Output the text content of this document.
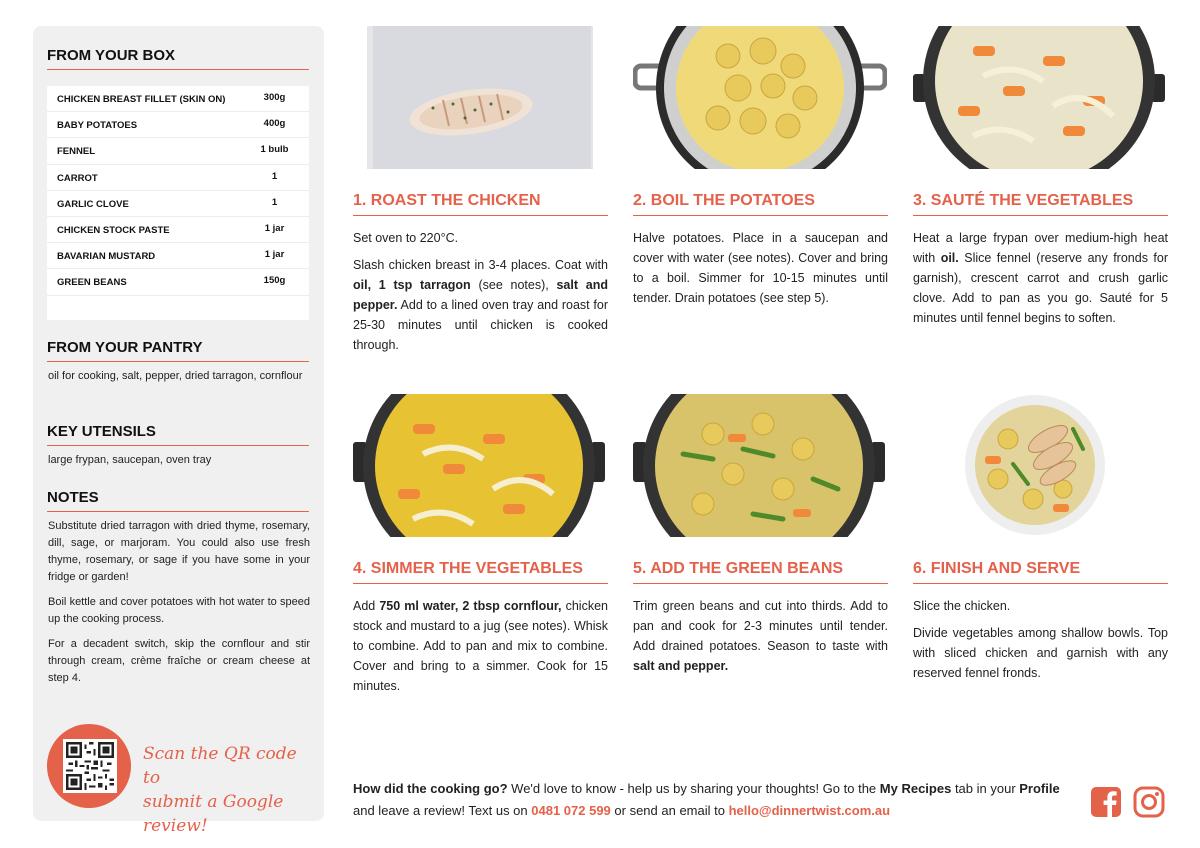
FROM YOUR BOX
CHICKEN BREAST FILLET (SKIN ON)	300g
BABY POTATOES	400g
FENNEL	1 bulb
CARROT	1
GARLIC CLOVE	1
CHICKEN STOCK PASTE	1 jar
BAVARIAN MUSTARD	1 jar
GREEN BEANS	150g
FROM YOUR PANTRY
oil for cooking, salt, pepper, dried tarragon, cornflour
KEY UTENSILS
large frypan, saucepan, oven tray
NOTES
Substitute dried tarragon with dried thyme, rosemary, dill, sage, or marjoram. You could also use fresh thyme, rosemary, or sage if you have some in your fridge or garden!
Boil kettle and cover potatoes with hot water to speed up the cooking process.
For a decadent switch, skip the cornflour and stir through cream, crème fraîche or cream cheese at step 4.
Scan the QR code to
submit a Google review!
1. ROAST THE CHICKEN

Set oven to 220°C.

Slash chicken breast in 3-4 places. Coat with oil, 1 tsp tarragon (see notes), salt and pepper. Add to a lined oven tray and roast for 25-30 minutes until chicken is cooked through.

2. BOIL THE POTATOES

Halve potatoes. Place in a saucepan and cover with water (see notes). Cover and bring to a boil. Simmer for 10-15 minutes until tender. Drain potatoes (see step 5).

3. SAUTÉ THE VEGETABLES

Heat a large frypan over medium-high heat with oil. Slice fennel (reserve any fronds for garnish), crescent carrot and crush garlic clove. Add to pan as you go. Sauté for 5 minutes until fennel begins to soften.

4. SIMMER THE VEGETABLES

Add 750 ml water, 2 tbsp cornflour, chicken stock and mustard to a jug (see notes). Whisk to combine. Add to pan and mix to combine. Cover and bring to a simmer. Cook for 15 minutes.

5. ADD THE GREEN BEANS

Trim green beans and cut into thirds. Add to pan and cook for 2-3 minutes until tender. Add drained potatoes. Season to taste with salt and pepper.

6. FINISH AND SERVE

Slice the chicken.

Divide vegetables among shallow bowls. Top with sliced chicken and garnish with any reserved fennel fronds.

How did the cooking go? We'd love to know - help us by sharing your thoughts! Go to the My Recipes tab in your Profile and leave a review! Text us on 0481 072 599 or send an email to hello@dinnertwist.com.au
